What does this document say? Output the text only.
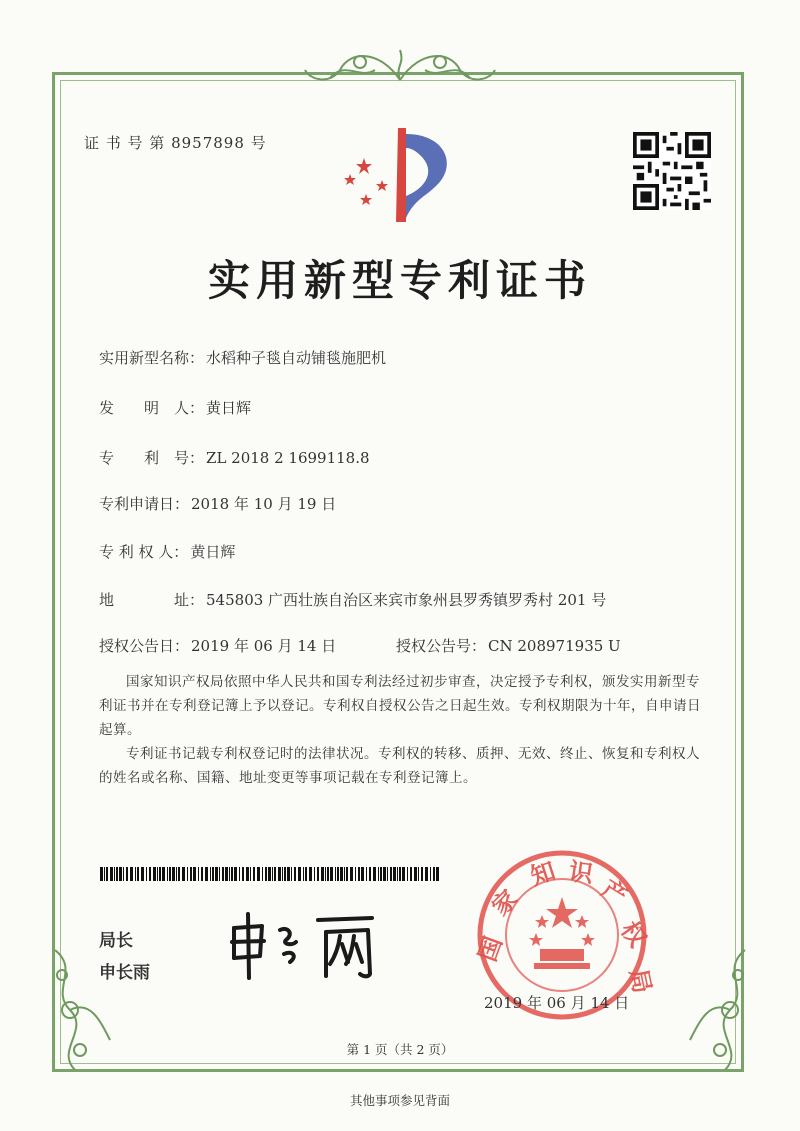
证 书 号 第 8957898 号
实用新型专利证书
实用新型名称： 水稻种子毯自动铺毯施肥机
发　　明　人： 黄日辉
专　　利　号： ZL 2018 2 1699118.8
专利申请日： 2018 年 10 月 19 日
专 利 权 人： 黄日辉
地　　　　址： 545803 广西壮族自治区来宾市象州县罗秀镇罗秀村 201 号
授权公告日： 2019 年 06 月 14 日	授权公告号： CN 208971935 U
国家知识产权局依照中华人民共和国专利法经过初步审查，决定授予专利权，颁发实用新型专利证书并在专利登记簿上予以登记。专利权自授权公告之日起生效。专利权期限为十年，自申请日起算。
专利证书记载专利权登记时的法律状况。专利权的转移、质押、无效、终止、恢复和专利权人的姓名或名称、国籍、地址变更等事项记载在专利登记簿上。
局长
申长雨
国
家
知 识
产
权
局
2019 年 06 月 14 日
第 1 页（共 2 页）
其他事项参见背面
